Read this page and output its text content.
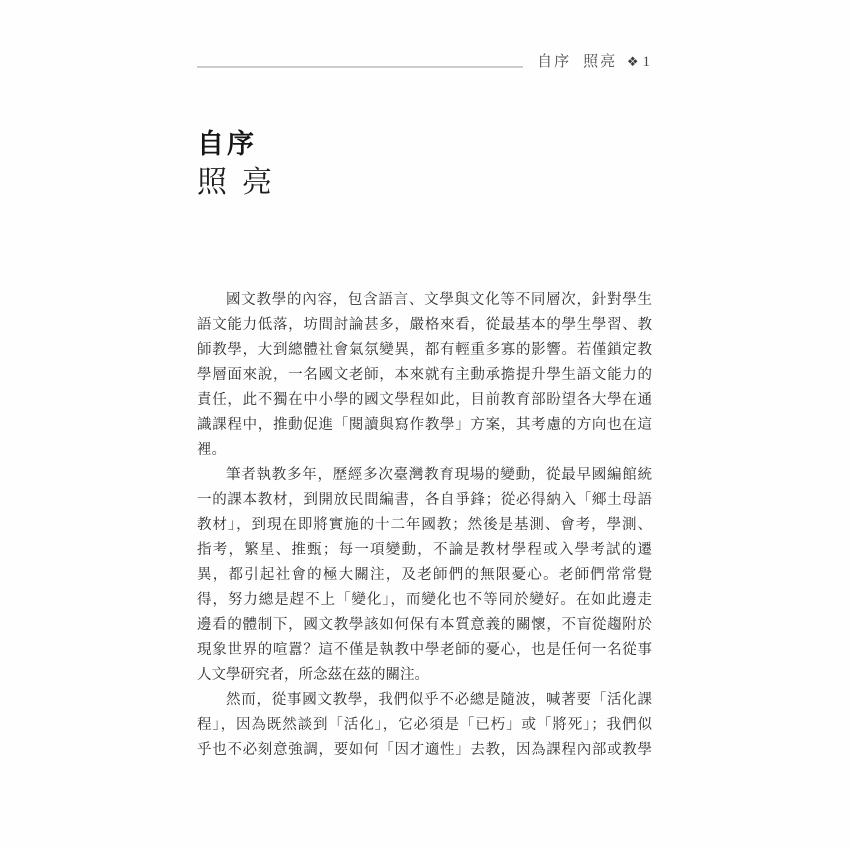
自序 照亮 ❖ 1
自序
照亮

國文教學的內容，包含語言、文學與文化等不同層次，針對學生
語文能力低落，坊間討論甚多，嚴格來看，從最基本的學生學習、教
師教學，大到總體社會氣氛變異，都有輕重多寡的影響。若僅鎖定教
學層面來說，一名國文老師，本來就有主動承擔提升學生語文能力的
責任，此不獨在中小學的國文學程如此，目前教育部盼望各大學在通
識課程中，推動促進「閱讀與寫作教學」方案，其考慮的方向也在這
裡。

筆者執教多年，歷經多次臺灣教育現場的變動，從最早國編館統
一的課本教材，到開放民間編書，各自爭鋒；從必得納入「鄉土母語
教材」，到現在即將實施的十二年國教；然後是基測、會考，學測、
指考，繁星、推甄；每一項變動，不論是教材學程或入學考試的遷
異，都引起社會的極大關注，及老師們的無限憂心。老師們常常覺
得，努力總是趕不上「變化」，而變化也不等同於變好。在如此邊走
邊看的體制下，國文教學該如何保有本質意義的關懷，不盲從趨附於
現象世界的喧囂？這不僅是執教中學老師的憂心，也是任何一名從事
人文學研究者，所念茲在茲的關注。

然而，從事國文教學，我們似乎不必總是隨波，喊著要「活化課
程」，因為既然談到「活化」，它必須是「已朽」或「將死」；我們似
乎也不必刻意強調，要如何「因才適性」去教，因為課程內部或教學
